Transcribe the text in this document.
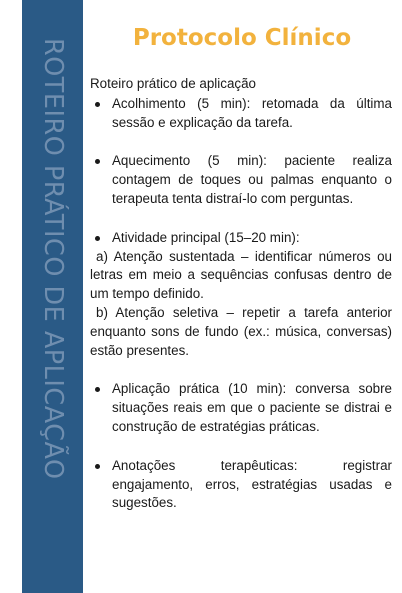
ROTEIRO PRÁTICO DE APLICAÇÃO	Protocolo Clínico

Roteiro prático de aplicação

Acolhimento (5 min): retomada da última sessão e explicação da tarefa.
Aquecimento (5 min): paciente realiza contagem de toques ou palmas enquanto o terapeuta tenta distraí-lo com perguntas.
Atividade principal (15–20 min):

a) Atenção sustentada – identificar números ou letras em meio a sequências confusas dentro de um tempo definido.

b) Atenção seletiva – repetir a tarefa anterior enquanto sons de fundo (ex.: música, conversas) estão presentes.

Aplicação prática (10 min): conversa sobre situações reais em que o paciente se distrai e construção de estratégias práticas.
Anotações terapêuticas: registrar engajamento, erros, estratégias usadas e sugestões.
